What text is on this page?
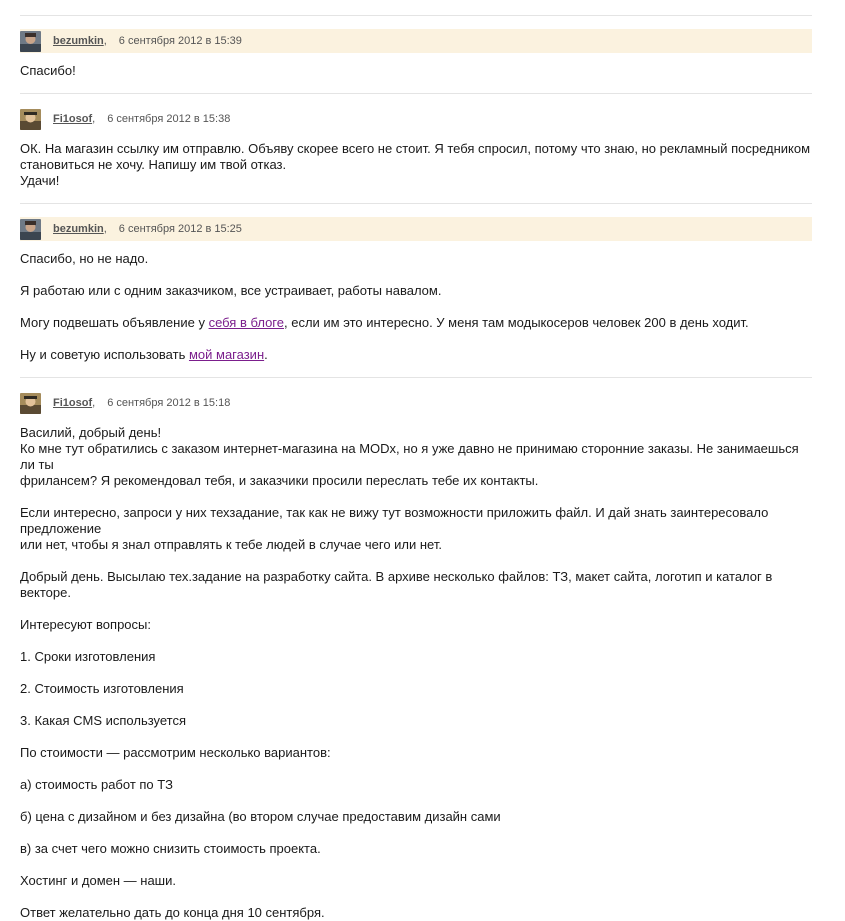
bezumkin , 6 сентября 2012 в 15:39

Спасибо!

Fi1osof , 6 сентября 2012 в 15:38

ОК. На магазин ссылку им отправлю. Объяву скорее всего не стоит. Я тебя спросил, потому что знаю, но рекламный посредником

становиться не хочу. Напишу им твой отказ.

Удачи!

bezumkin , 6 сентября 2012 в 15:25

Спасибо, но не надо.

Я работаю или с одним заказчиком, все устраивает, работы навалом.

Могу подвешать объявление у себя в блоге, если им это интересно. У меня там модыкосеров человек 200 в день ходит.

Ну и советую использовать мой магазин.

Fi1osof , 6 сентября 2012 в 15:18

Василий, добрый день!

Ко мне тут обратились с заказом интернет-магазина на MODx, но я уже давно не принимаю сторонние заказы. Не занимаешься ли ты

фрилансем? Я рекомендовал тебя, и заказчики просили переслать тебе их контакты.

Если интересно, запроси у них техзадание, так как не вижу тут возможности приложить файл. И дай знать заинтересовало предложение

или нет, чтобы я знал отправлять к тебе людей в случае чего или нет.

Добрый день. Высылаю тех.задание на разработку сайта. В архиве несколько файлов: ТЗ, макет сайта, логотип и каталог в векторе.

Интересуют вопросы:

1. Сроки изготовления

2. Стоимость изготовления

3. Какая CMS используется

По стоимости — рассмотрим несколько вариантов:

а) стоимость работ по ТЗ

б) цена с дизайном и без дизайна (во втором случае предоставим дизайн сами

в) за счет чего можно снизить стоимость проекта.

Хостинг и домен — наши.

Ответ желательно дать до конца дня 10 сентября.
